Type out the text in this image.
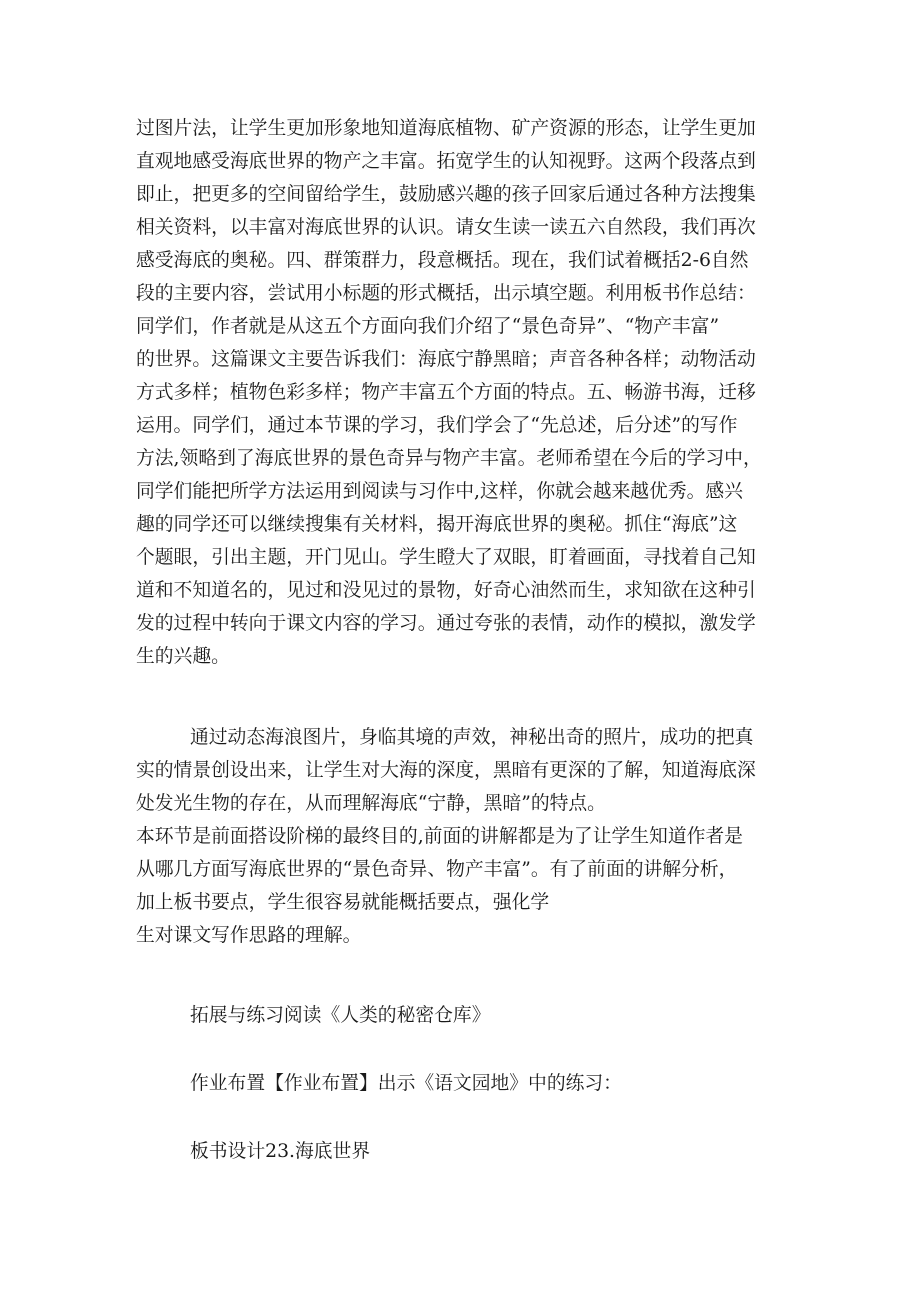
过图片法，让学生更加形象地知道海底植物、矿产资源的形态，让学生更加
直观地感受海底世界的物产之丰富。拓宽学生的认知视野。这两个段落点到
即止，把更多的空间留给学生，鼓励感兴趣的孩子回家后通过各种方法搜集
相关资料，以丰富对海底世界的认识。请女生读一读五六自然段，我们再次
感受海底的奥秘。四、群策群力，段意概括。现在，我们试着概括2-6自然
段的主要内容，尝试用小标题的形式概括，出示填空题。利用板书作总结：
同学们，作者就是从这五个方面向我们介绍了“景色奇异”、“物产丰富”
的世界。这篇课文主要告诉我们：海底宁静黑暗；声音各种各样；动物活动
方式多样；植物色彩多样；物产丰富五个方面的特点。五、畅游书海，迁移
运用。同学们，通过本节课的学习，我们学会了“先总述，后分述”的写作
方法,领略到了海底世界的景色奇异与物产丰富。老师希望在今后的学习中，
同学们能把所学方法运用到阅读与习作中,这样，你就会越来越优秀。感兴
趣的同学还可以继续搜集有关材料，揭开海底世界的奥秘。抓住“海底”这
个题眼，引出主题，开门见山。学生瞪大了双眼，盯着画面，寻找着自己知
道和不知道名的，见过和没见过的景物，好奇心油然而生，求知欲在这种引
发的过程中转向于课文内容的学习。通过夸张的表情，动作的模拟，激发学
生的兴趣。
通过动态海浪图片，身临其境的声效，神秘出奇的照片，成功的把真
实的情景创设出来，让学生对大海的深度，黑暗有更深的了解，知道海底深
处发光生物的存在，从而理解海底“宁静，黑暗”的特点。
本环节是前面搭设阶梯的最终目的,前面的讲解都是为了让学生知道作者是
从哪几方面写海底世界的“景色奇异、物产丰富”。有了前面的讲解分析，
加上板书要点，学生很容易就能概括要点，强化学
生对课文写作思路的理解。
拓展与练习阅读《人类的秘密仓库》
作业布置【作业布置】出示《语文园地》中的练习：
板书设计23.海底世界
